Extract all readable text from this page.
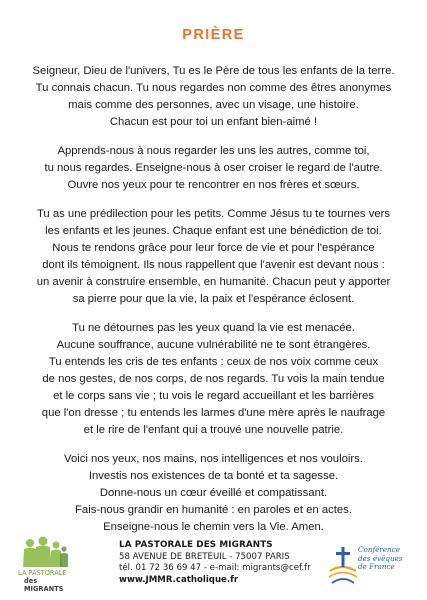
PRIÈRE
Seigneur, Dieu de l'univers, Tu es le Père de tous les enfants de la terre.
Tu connais chacun. Tu nous regardes non comme des êtres anonymes
mais comme des personnes, avec un visage, une histoire.
Chacun est pour toi un enfant bien-aimé !
Apprends-nous à nous regarder les uns les autres, comme toi,
tu nous regardes. Enseigne-nous à oser croiser le regard de l'autre.
Ouvre nos yeux pour te rencontrer en nos frères et sœurs.
Tu as une prédilection pour les petits. Comme Jésus tu te tournes vers
les enfants et les jeunes. Chaque enfant est une bénédiction de toi.
Nous te rendons grâce pour leur force de vie et pour l'espérance
dont ils témoignent. Ils nous rappellent que l'avenir est devant nous :
un avenir à construire ensemble, en humanité. Chacun peut y apporter
sa pierre pour que la vie, la paix et l'espérance éclosent.
Tu ne détournes pas les yeux quand la vie est menacée.
Aucune souffrance, aucune vulnérabilité ne te sont étrangères.
Tu entends les cris de tes enfants : ceux de nos voix comme ceux
de nos gestes, de nos corps, de nos regards. Tu vois la main tendue
et le corps sans vie ; tu vois le regard accueillant et les barrières
que l'on dresse ; tu entends les larmes d'une mère après le naufrage
et le rire de l'enfant qui a trouvé une nouvelle patrie.
Voici nos yeux, nos mains, nos intelligences et nos vouloirs.
Investis nos existences de ta bonté et ta sagesse.
Donne-nous un cœur éveillé et compatissant.
Fais-nous grandir en humanité : en paroles et en actes.
Enseigne-nous le chemin vers la Vie. Amen.
LA PASTORALE
des MIGRANTS
LA PASTORALE DES MIGRANTS
58 AVENUE DE BRETEUIL - 75007 PARIS
tél. 01 72 36 69 47 - e-mail: migrants@cef.fr
www.JMMR.catholique.fr
Conférence
des évêques
de France
